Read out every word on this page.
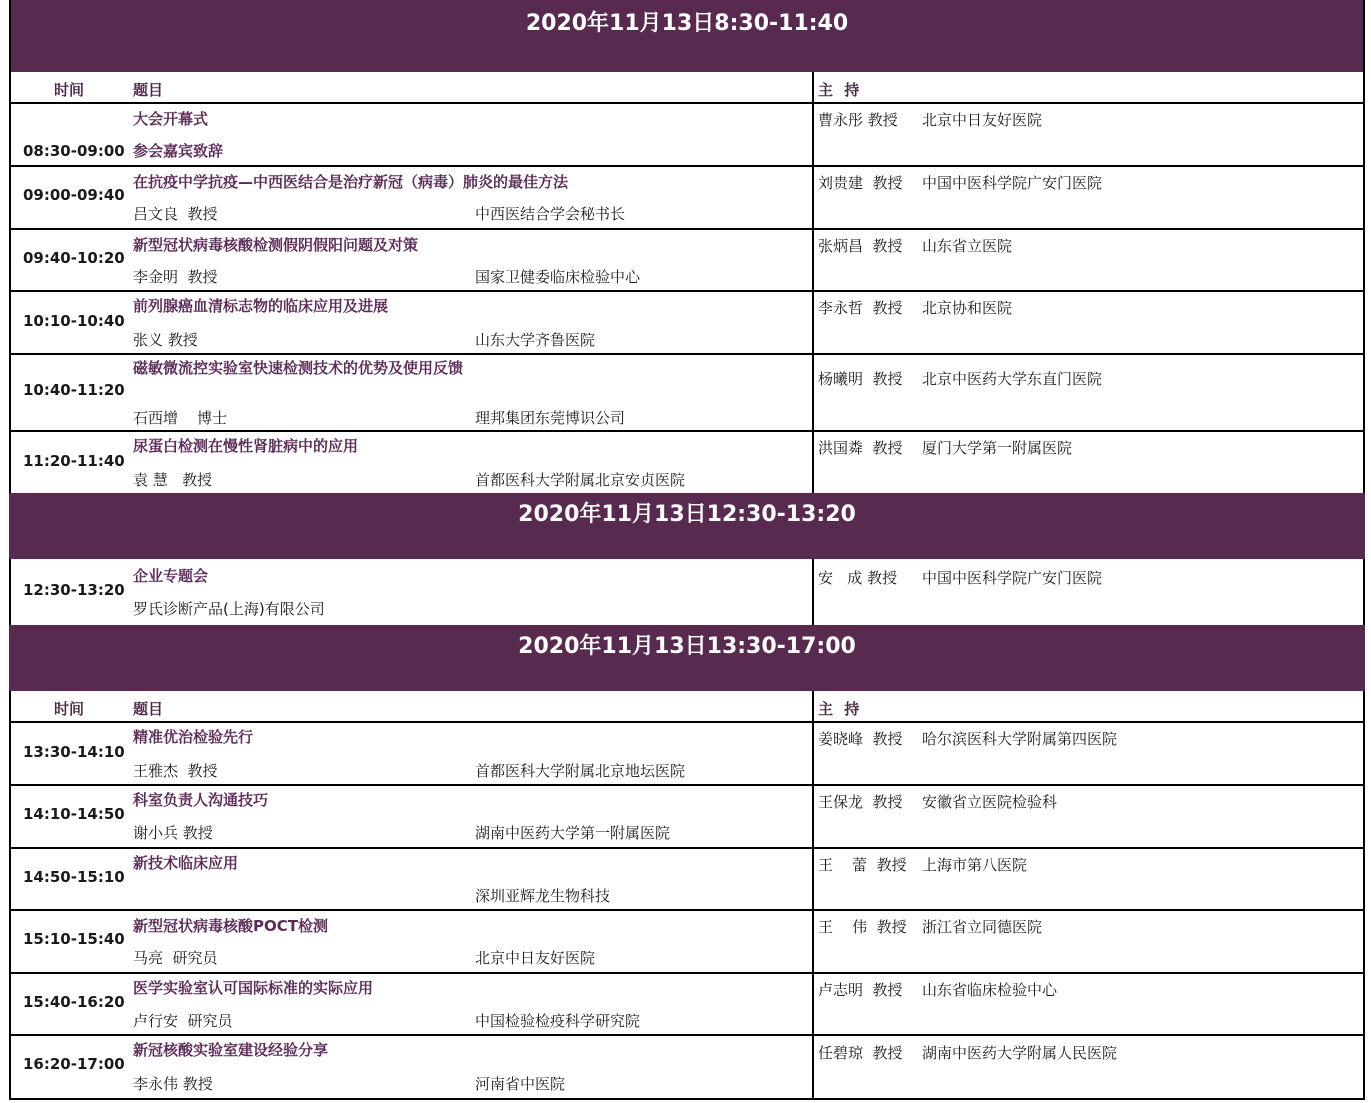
2020年11月13日8:30-11:40
时间	题目	主 持
08:30-09:00
大会开幕式
参会嘉宾致辞
曹永彤 教授 北京中日友好医院
09:00-09:40
在抗疫中学抗疫—中西医结合是治疗新冠（病毒）肺炎的最佳方法
吕文良  教授	中西医结合学会秘书长
刘贵建  教授 中国中医科学院广安门医院
09:40-10:20
新型冠状病毒核酸检测假阴假阳问题及对策
李金明  教授	国家卫健委临床检验中心
张炳昌  教授 山东省立医院
10:10-10:40
前列腺癌血清标志物的临床应用及进展
张义 教授	山东大学齐鲁医院
李永哲  教授 北京协和医院
10:40-11:20
磁敏微流控实验室快速检测技术的优势及使用反馈
石西增    博士	理邦集团东莞博识公司
杨曦明  教授 北京中医药大学东直门医院
11:20-11:40
尿蛋白检测在慢性肾脏病中的应用
袁 慧   教授	首都医科大学附属北京安贞医院
洪国粦  教授 厦门大学第一附属医院
2020年11月13日12:30-13:20
12:30-13:20
企业专题会
罗氏诊断产品(上海)有限公司
安   成 教授 中国中医科学院广安门医院
2020年11月13日13:30-17:00
时间	题目	主 持
13:30-14:10
精准优治检验先行
王雅杰  教授	首都医科大学附属北京地坛医院
姜晓峰  教授 哈尔滨医科大学附属第四医院
14:10-14:50
科室负责人沟通技巧
谢小兵 教授	湖南中医药大学第一附属医院
王保龙  教授 安徽省立医院检验科
14:50-15:10
新技术临床应用
深圳亚辉龙生物科技
王    蕾  教授 上海市第八医院
15:10-15:40
新型冠状病毒核酸POCT检测
马亮  研究员	北京中日友好医院
王    伟  教授 浙江省立同德医院
15:40-16:20
医学实验室认可国际标准的实际应用
卢行安  研究员	中国检验检疫科学研究院
卢志明  教授 山东省临床检验中心
16:20-17:00
新冠核酸实验室建设经验分享
李永伟 教授	河南省中医院
任碧琼  教授 湖南中医药大学附属人民医院
